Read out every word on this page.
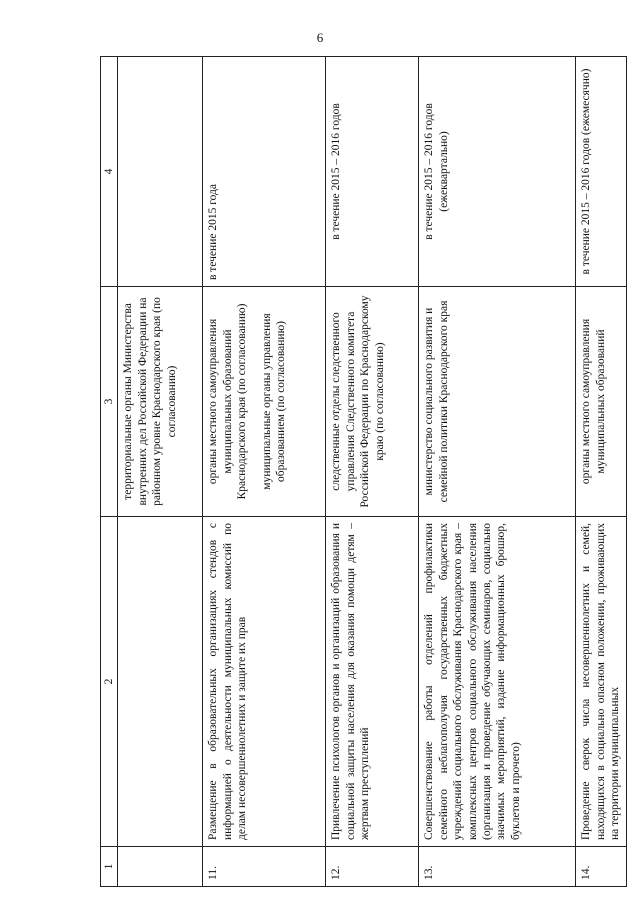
6
1	2	3	4

		территориальные органы Министерства внутренних дел Российской Федерации на районном уровне Краснодарского края (по согласованию)	

11.	Размещение в образовательных организациях стендов с информацией о деятельности муниципальных комиссий по делам несовершеннолетних и защите их прав	органы местного самоуправления муниципальных образований Краснодарского края (по согласованию) муниципальные органы управления образованием (по согласованию)	в течение 2015 года
12.	Привлечение психологов органов и организаций образования и социальной защиты населения для оказания помощи детям – жертвам преступлений	следственные отделы следственного управления Следственного комитета Российской Федерации по Краснодарскому краю (по согласованию)	в течение 2015 – 2016 годов
13.	Совершенствование работы отделений профилактики семейного неблагополучия государственных бюджетных учреждений социального обслуживания Краснодарского края – комплексных центров социального обслуживания населения (организация и проведение обучающих семинаров, социально значимых мероприятий, издание информационных брошюр, буклетов и прочего)	министерство социального развития и семейной политики Краснодарского края	в течение 2015 – 2016 годов (ежеквартально)
14.	Проведение сверок числа несовершеннолетних и семей, находящихся в социально опасном положении, проживающих на территории муниципальных	органы местного самоуправления муниципальных образований	в течение 2015 – 2016 годов (ежемесячно)
